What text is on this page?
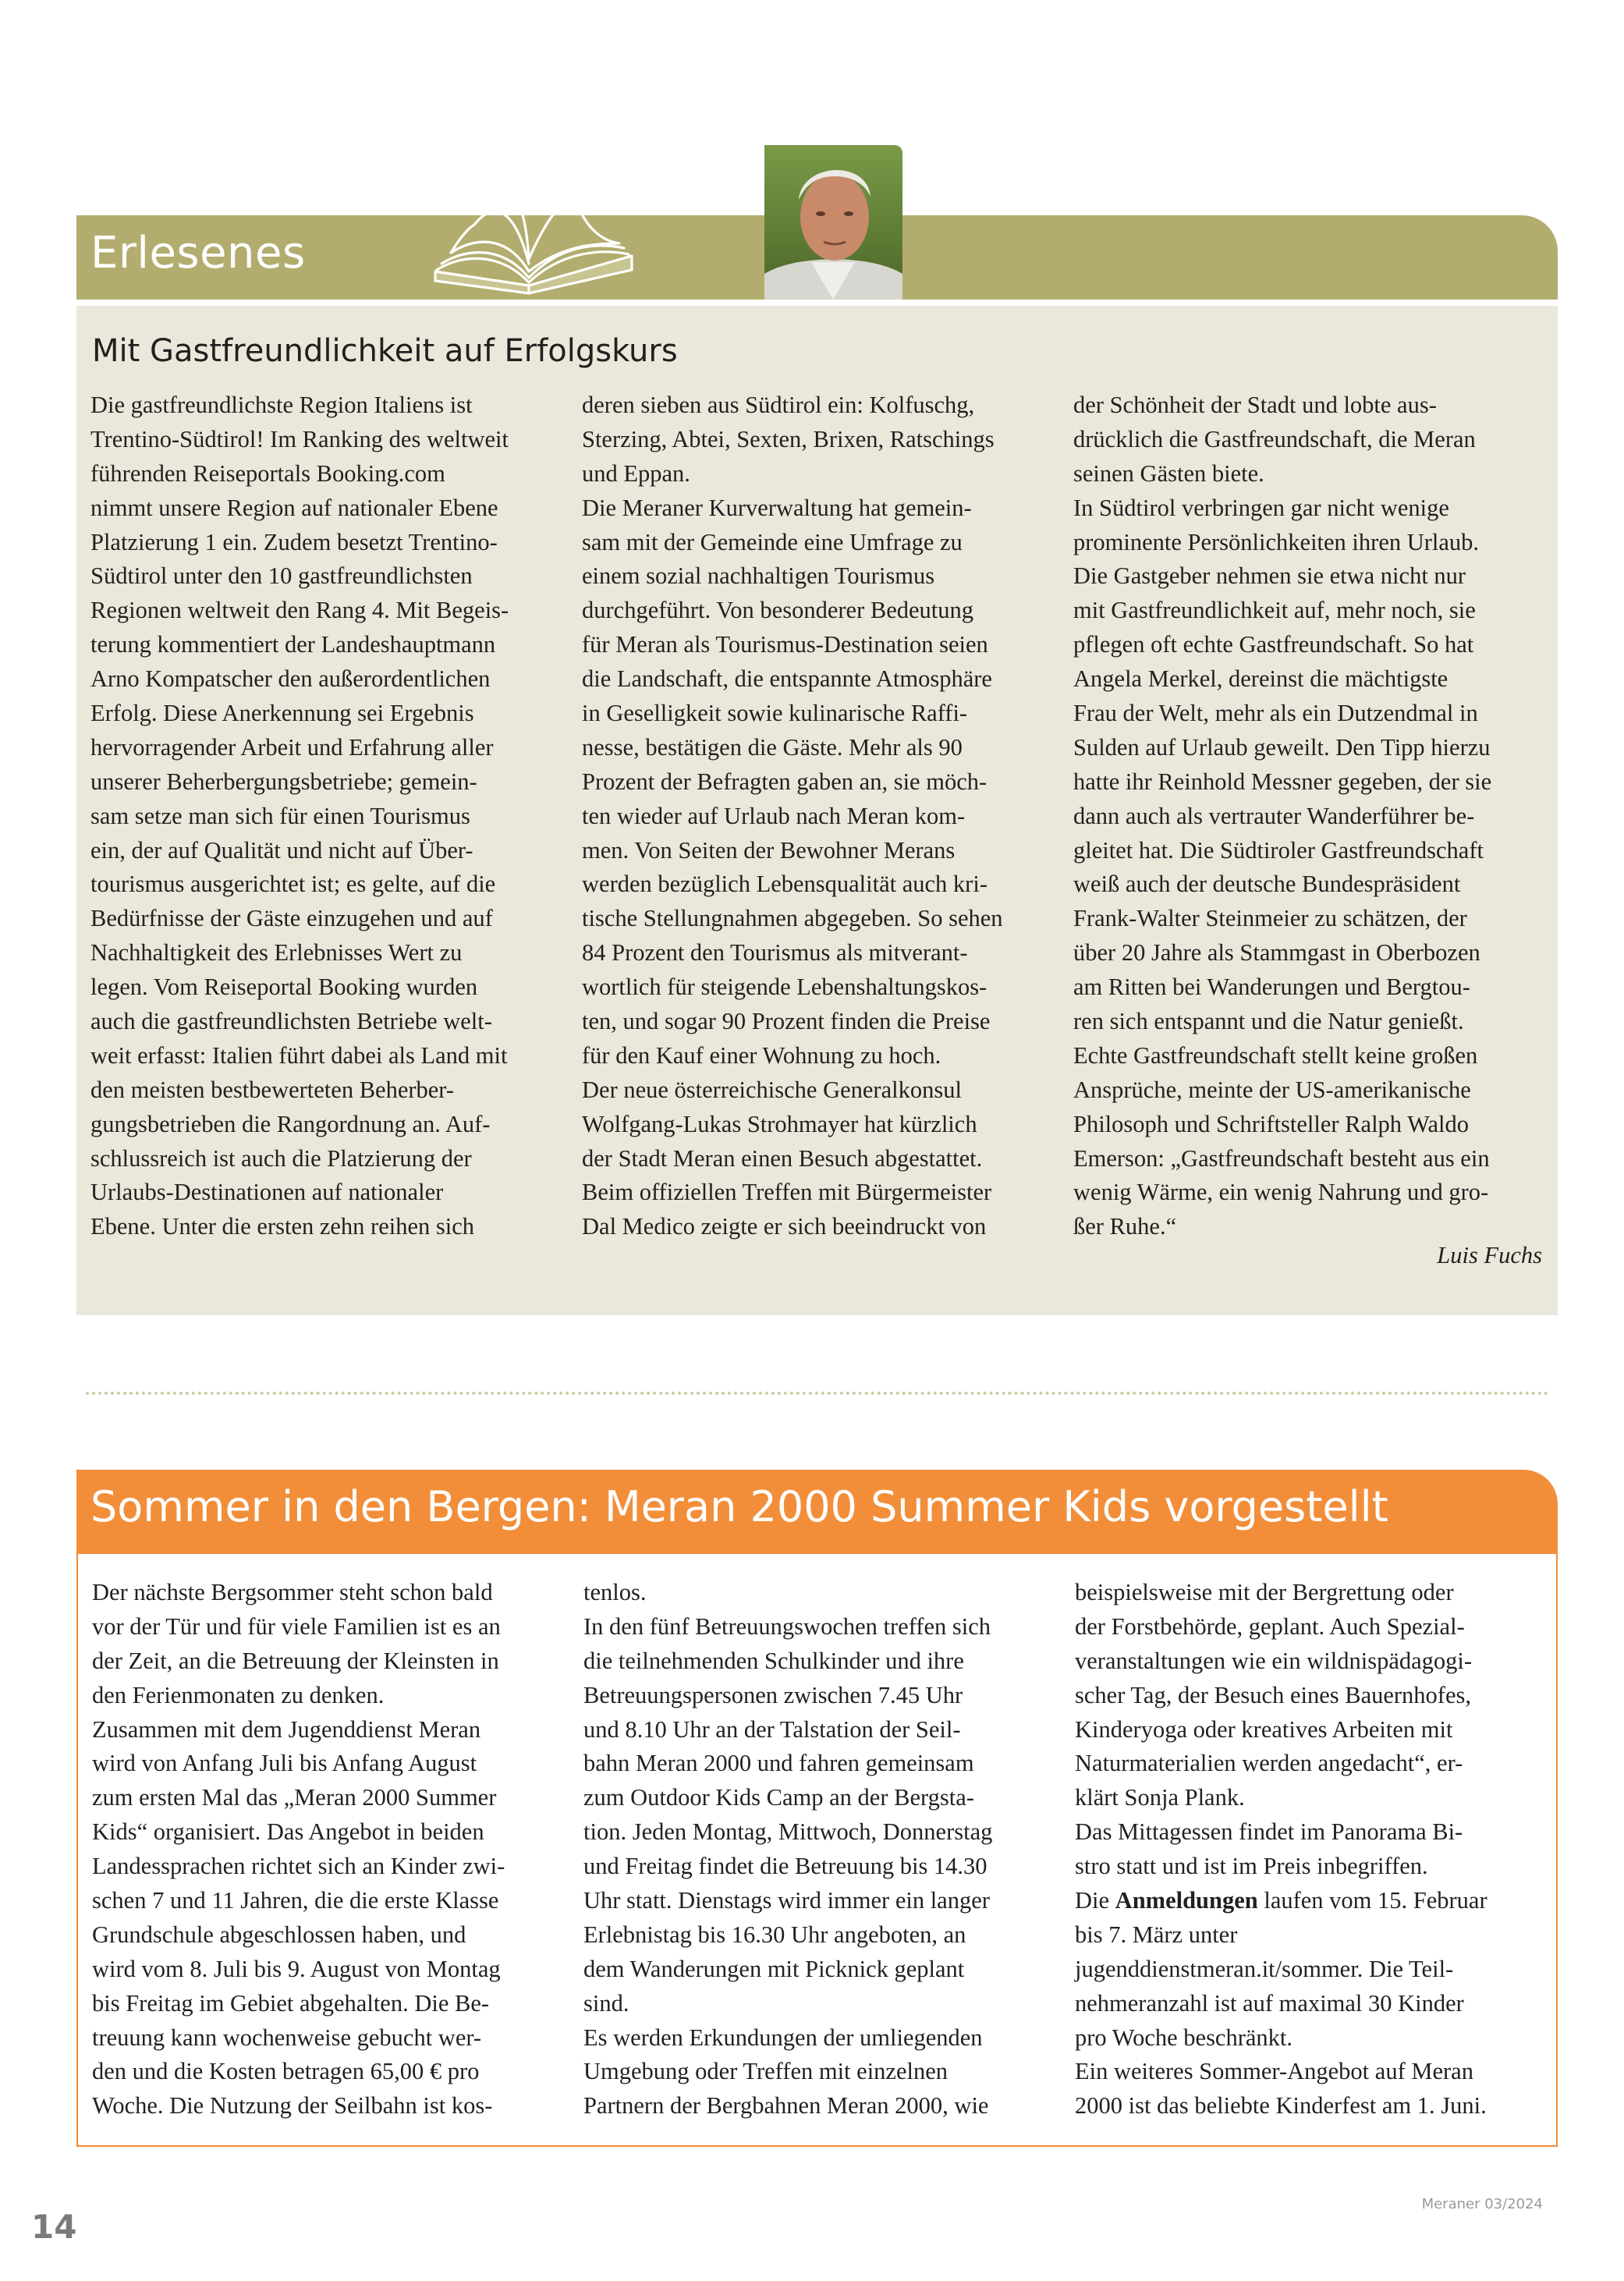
Erlesenes
Mit Gastfreundlichkeit auf Erfolgskurs
Die gastfreundlichste Region Italiens ist
Trentino-Südtirol! Im Ranking des weltweit
führenden Reiseportals Booking.com
nimmt unsere Region auf nationaler Ebene
Platzierung 1 ein. Zudem besetzt Trentino-
Südtirol unter den 10 gastfreundlichsten
Regionen weltweit den Rang 4. Mit Begeis-
terung kommentiert der Landeshauptmann
Arno Kompatscher den außerordentlichen
Erfolg. Diese Anerkennung sei Ergebnis
hervorragender Arbeit und Erfahrung aller
unserer Beherbergungsbetriebe; gemein-
sam setze man sich für einen Tourismus
ein, der auf Qualität und nicht auf Über-
tourismus ausgerichtet ist; es gelte, auf die
Bedürfnisse der Gäste einzugehen und auf
Nachhaltigkeit des Erlebnisses Wert zu
legen. Vom Reiseportal Booking wurden
auch die gastfreundlichsten Betriebe welt-
weit erfasst: Italien führt dabei als Land mit
den meisten bestbewerteten Beherber-
gungsbetrieben die Rangordnung an. Auf-
schlussreich ist auch die Platzierung der
Urlaubs-Destinationen auf nationaler
Ebene. Unter die ersten zehn reihen sich
deren sieben aus Südtirol ein: Kolfuschg,
Sterzing, Abtei, Sexten, Brixen, Ratschings
und Eppan.
Die Meraner Kurverwaltung hat gemein-
sam mit der Gemeinde eine Umfrage zu
einem sozial nachhaltigen Tourismus
durchgeführt. Von besonderer Bedeutung
für Meran als Tourismus-Destination seien
die Landschaft, die entspannte Atmosphäre
in Geselligkeit sowie kulinarische Raffi-
nesse, bestätigen die Gäste. Mehr als 90
Prozent der Befragten gaben an, sie möch-
ten wieder auf Urlaub nach Meran kom-
men. Von Seiten der Bewohner Merans
werden bezüglich Lebensqualität auch kri-
tische Stellungnahmen abgegeben. So sehen
84 Prozent den Tourismus als mitverant-
wortlich für steigende Lebenshaltungskos-
ten, und sogar 90 Prozent finden die Preise
für den Kauf einer Wohnung zu hoch.
Der neue österreichische Generalkonsul
Wolfgang-Lukas Strohmayer hat kürzlich
der Stadt Meran einen Besuch abgestattet.
Beim offiziellen Treffen mit Bürgermeister
Dal Medico zeigte er sich beeindruckt von
der Schönheit der Stadt und lobte aus-
drücklich die Gastfreundschaft, die Meran
seinen Gästen biete.
In Südtirol verbringen gar nicht wenige
prominente Persönlichkeiten ihren Urlaub.
Die Gastgeber nehmen sie etwa nicht nur
mit Gastfreundlichkeit auf, mehr noch, sie
pflegen oft echte Gastfreundschaft. So hat
Angela Merkel, dereinst die mächtigste
Frau der Welt, mehr als ein Dutzendmal in
Sulden auf Urlaub geweilt. Den Tipp hierzu
hatte ihr Reinhold Messner gegeben, der sie
dann auch als vertrauter Wanderführer be-
gleitet hat. Die Südtiroler Gastfreundschaft
weiß auch der deutsche Bundespräsident
Frank-Walter Steinmeier zu schätzen, der
über 20 Jahre als Stammgast in Oberbozen
am Ritten bei Wanderungen und Bergtou-
ren sich entspannt und die Natur genießt.
Echte Gastfreundschaft stellt keine großen
Ansprüche, meinte der US-amerikanische
Philosoph und Schriftsteller Ralph Waldo
Emerson: „Gastfreundschaft besteht aus ein
wenig Wärme, ein wenig Nahrung und gro-
ßer Ruhe.“
Luis Fuchs
Sommer in den Bergen: Meran 2000 Summer Kids vorgestellt
Der nächste Bergsommer steht schon bald
vor der Tür und für viele Familien ist es an
der Zeit, an die Betreuung der Kleinsten in
den Ferienmonaten zu denken.
Zusammen mit dem Jugenddienst Meran
wird von Anfang Juli bis Anfang August
zum ersten Mal das „Meran 2000 Summer
Kids“ organisiert. Das Angebot in beiden
Landessprachen richtet sich an Kinder zwi-
schen 7 und 11 Jahren, die die erste Klasse
Grundschule abgeschlossen haben, und
wird vom 8. Juli bis 9. August von Montag
bis Freitag im Gebiet abgehalten. Die Be-
treuung kann wochenweise gebucht wer-
den und die Kosten betragen 65,00 € pro
Woche. Die Nutzung der Seilbahn ist kos-
tenlos.
In den fünf Betreuungswochen treffen sich
die teilnehmenden Schulkinder und ihre
Betreuungspersonen zwischen 7.45 Uhr
und 8.10 Uhr an der Talstation der Seil-
bahn Meran 2000 und fahren gemeinsam
zum Outdoor Kids Camp an der Bergsta-
tion. Jeden Montag, Mittwoch, Donnerstag
und Freitag findet die Betreuung bis 14.30
Uhr statt. Dienstags wird immer ein langer
Erlebnistag bis 16.30 Uhr angeboten, an
dem Wanderungen mit Picknick geplant
sind.
Es werden Erkundungen der umliegenden
Umgebung oder Treffen mit einzelnen
Partnern der Bergbahnen Meran 2000, wie
beispielsweise mit der Bergrettung oder
der Forstbehörde, geplant. Auch Spezial-
veranstaltungen wie ein wildnispädagogi-
scher Tag, der Besuch eines Bauernhofes,
Kinderyoga oder kreatives Arbeiten mit
Naturmaterialien werden angedacht“, er-
klärt Sonja Plank.
Das Mittagessen findet im Panorama Bi-
stro statt und ist im Preis inbegriffen.
Die Anmeldungen laufen vom 15. Februar
bis 7. März unter
jugenddienstmeran.it/sommer. Die Teil-
nehmeranzahl ist auf maximal 30 Kinder
pro Woche beschränkt.
Ein weiteres Sommer-Angebot auf Meran
2000 ist das beliebte Kinderfest am 1. Juni.
14
Meraner 03/2024
